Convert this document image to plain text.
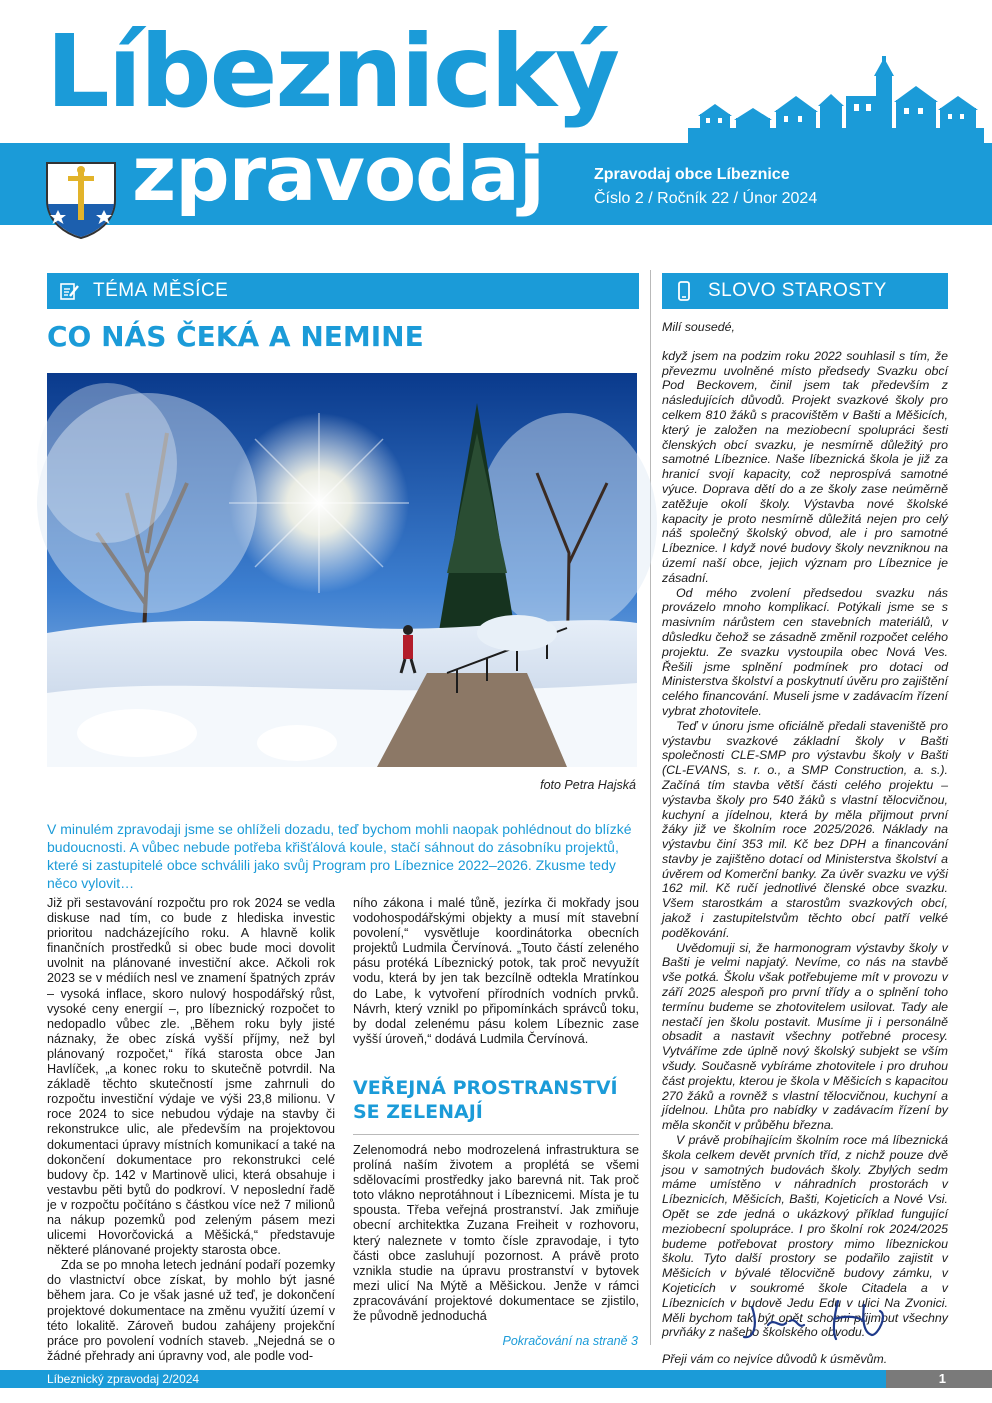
Líbeznický
zpravodaj	Zpravodaj obce Líbeznice
Číslo 2 / Ročník 22 / Únor 2024
TÉMA MĚSÍCE	SLOVO STAROSTY
CO NÁS ČEKÁ A NEMINE
foto Petra Hajská

V minulém zpravodaji jsme se ohlíželi dozadu, teď bychom mohli naopak pohlédnout do blízké budoucnosti. A vůbec nebude potřeba křišťálová koule, stačí sáhnout do zásobníku projektů, které si zastupitelé obce schválili jako svůj Program pro Líbeznice 2022–2026. Zkusme tedy něco vylovit…

Již při sestavování rozpočtu pro rok 2024 se vedla diskuse nad tím, co bude z hlediska investic prioritou nadcházejícího roku. A hlavně kolik finančních prostředků si obec bude moci dovolit uvolnit na plánované investiční akce. Ačkoli rok 2023 se v médiích nesl ve znamení špatných zpráv – vysoká inflace, skoro nulový hospodářský růst, vysoké ceny energií –, pro líbeznický rozpočet to nedopadlo vůbec zle. „Během roku byly jisté náznaky, že obec získá vyšší příjmy, než byl plánovaný rozpočet,“ říká starosta obce Jan Havlíček, „a konec roku to skutečně potvrdil. Na základě těchto skutečností jsme zahrnuli do rozpočtu investiční výdaje ve výši 23,8 milionu. V roce 2024 to sice nebudou výdaje na stavby či rekonstrukce ulic, ale především na projektovou dokumentaci úpravy místních komunikací a také na dokončení dokumentace pro rekonstrukci celé budovy čp. 142 v Martinově ulici, která obsahuje i vestavbu pěti bytů do podkroví. V neposlední řadě je v rozpočtu počítáno s částkou více než 7 milionů na nákup pozemků pod zeleným pásem mezi ulicemi Hovorčovická a Měšická,“ představuje některé plánované projekty starosta obce.

Zda se po mnoha letech jednání podaří pozemky do vlastnictví obce získat, by mohlo být jasné během jara. Co je však jasné už teď, je dokončení projektové dokumentace na změnu využití území v této lokalitě. Zároveň budou zahájeny projekční práce pro povolení vodních staveb. „Nejedná se o žádné přehrady ani úpravny vod, ale podle vod-

ního zákona i malé tůně, jezírka či mokřady jsou vodohospodářskými objekty a musí mít stavební povolení,“ vysvětluje koordinátorka obecních projektů Ludmila Červínová. „Touto částí zeleného pásu protéká Líbeznický potok, tak proč nevyužít vodu, která by jen tak bezcílně odtekla Mratínkou do Labe, k vytvoření přírodních vodních prvků. Návrh, který vznikl po připomínkách správců toku, by dodal zelenému pásu kolem Líbeznic zase vyšší úroveň,“ dodává Ludmila Červínová.

VEŘEJNÁ PROSTRANSTVÍ SE ZELENAJÍ

Zelenomodrá nebo modrozelená infrastruktura se prolíná naším životem a proplétá se všemi sdělovacími prostředky jako barevná nit. Tak proč toto vlákno neprotáhnout i Líbeznicemi. Místa je tu spousta. Třeba veřejná prostranství. Jak zmiňuje obecní architektka Zuzana Freiheit v rozhovoru, který naleznete v tomto čísle zpravodaje, i tyto části obce zasluhují pozornost. A právě proto vznikla studie na úpravu prostranství v bytovek mezi ulicí Na Mýtě a Měšickou. Jenže v rámci zpracovávání projektové dokumentace se zjistilo, že původně jednoduchá

Pokračování na straně 3

Milí sousedé,

když jsem na podzim roku 2022 souhlasil s tím, že převezmu uvolněné místo předsedy Svazku obcí Pod Beckovem, činil jsem tak především z následujících důvodů. Projekt svazkové školy pro celkem 810 žáků s pracovištěm v Bašti a Měšicích, který je založen na meziobecní spolupráci šesti členských obcí svazku, je nesmírně důležitý pro samotné Líbeznice. Naše líbeznická škola je již za hranicí svojí kapacity, což neprospívá samotné výuce. Doprava dětí do a ze školy zase neúměrně zatěžuje okolí školy. Výstavba nové školské kapacity je proto nesmírně důležitá nejen pro celý náš společný školský obvod, ale i pro samotné Líbeznice. I když nové budovy školy nevzniknou na území naší obce, jejich význam pro Líbeznice je zásadní.

Od mého zvolení předsedou svazku nás provázelo mnoho komplikací. Potýkali jsme se s masivním nárůstem cen stavebních materiálů, v důsledku čehož se zásadně změnil rozpočet celého projektu. Ze svazku vystoupila obec Nová Ves. Řešili jsme splnění podmínek pro dotaci od Ministerstva školství a poskytnutí úvěru pro zajištění celého financování. Museli jsme v zadávacím řízení vybrat zhotovitele.

Teď v únoru jsme oficiálně předali staveniště pro výstavbu svazkové základní školy v Bašti společnosti CLE-SMP pro výstavbu školy v Bašti (CL-EVANS, s. r. o., a SMP Construction, a. s.). Začíná tím stavba větší části celého projektu – výstavba školy pro 540 žáků s vlastní tělocvičnou, kuchyní a jídelnou, která by měla přijmout první žáky již ve školním roce 2025/2026. Náklady na výstavbu činí 353 mil. Kč bez DPH a financování stavby je zajištěno dotací od Ministerstva školství a úvěrem od Komerční banky. Za úvěr svazku ve výši 162 mil. Kč ručí jednotlivé členské obce svazku. Všem starostkám a starostům svazkových obcí, jakož i zastupitelstvům těchto obcí patří velké poděkování.

Uvědomuji si, že harmonogram výstavby školy v Bašti je velmi napjatý. Nevíme, co nás na stavbě vše potká. Školu však potřebujeme mít v provozu v září 2025 alespoň pro první třídy a o splnění toho termínu budeme se zhotovitelem usilovat. Tady ale nestačí jen školu postavit. Musíme ji i personálně obsadit a nastavit všechny potřebné procesy. Vytváříme zde úplně nový školský subjekt se vším všudy. Současně vybíráme zhotovitele i pro druhou část projektu, kterou je škola v Měšicích s kapacitou 270 žáků a rovněž s vlastní tělocvičnou, kuchyní a jídelnou. Lhůta pro nabídky v zadávacím řízení by měla skončit v průběhu března.

V právě probíhajícím školním roce má líbeznická škola celkem devět prvních tříd, z nichž pouze dvě jsou v samotných budovách školy. Zbylých sedm máme umístěno v náhradních prostorách v Líbeznicích, Měšicích, Bašti, Kojeticích a Nové Vsi. Opět se zde jedná o ukázkový příklad fungující meziobecní spolupráce. I pro školní rok 2024/2025 budeme potřebovat prostory mimo líbeznickou školu. Tyto další prostory se podařilo zajistit v Měšicích v bývalé tělocvičně budovy zámku, v Kojeticích v soukromé škole Citadela a v Líbeznicích v budově Jedu Edu v ulici Na Zvonici. Měli bychom tak být opět schopni přijmout všechny prvňáky z našeho školského obvodu.

Přeji vám co nejvíce důvodů k úsměvům.

Líbeznický zpravodaj 2/2024	1
